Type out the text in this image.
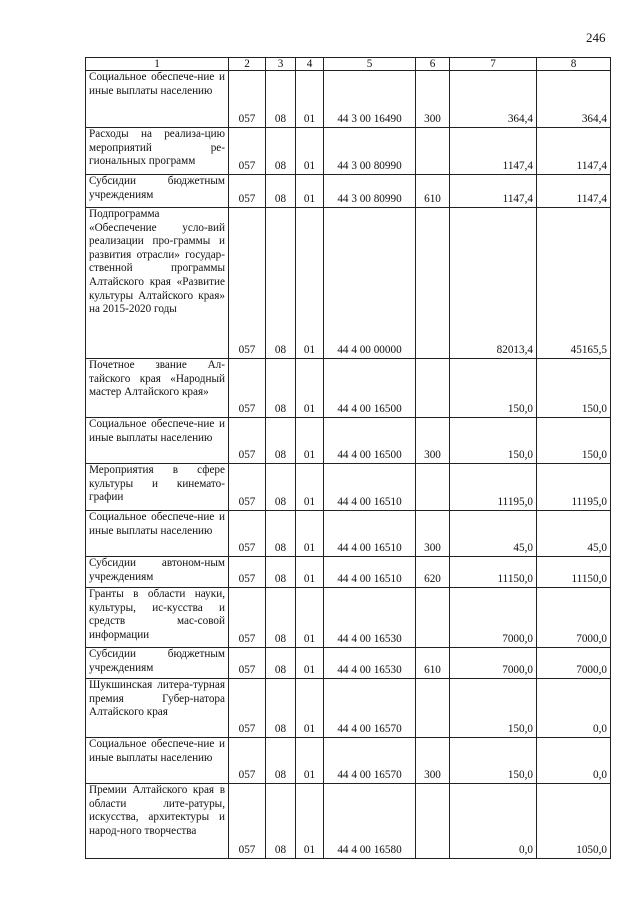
246
1	2	3	4	5	6	7	8
Социальное обеспече-ние и иные выплаты населению	057	08	01	44 3 00 16490	300	364,4	364,4
Расходы на реализа-цию мероприятий ре-гиональных программ	057	08	01	44 3 00 80990		1147,4	1147,4
Субсидии бюджетным учреждениям	057	08	01	44 3 00 80990	610	1147,4	1147,4
Подпрограмма «Обеспечение усло-вий реализации про-граммы и развития отрасли» государ-ственной программы Алтайского края «Развитие культуры Алтайского края» на 2015-2020 годы	057	08	01	44 4 00 00000		82013,4	45165,5
Почетное звание Ал-тайского края «Народный мастер Алтайского края»	057	08	01	44 4 00 16500		150,0	150,0
Социальное обеспече-ние и иные выплаты населению	057	08	01	44 4 00 16500	300	150,0	150,0
Мероприятия в сфере культуры и кинемато-графии	057	08	01	44 4 00 16510		11195,0	11195,0
Социальное обеспече-ние и иные выплаты населению	057	08	01	44 4 00 16510	300	45,0	45,0
Субсидии автоном-ным учреждениям	057	08	01	44 4 00 16510	620	11150,0	11150,0
Гранты в области науки, культуры, ис-кусства и средств мас-совой информации	057	08	01	44 4 00 16530		7000,0	7000,0
Субсидии бюджетным учреждениям	057	08	01	44 4 00 16530	610	7000,0	7000,0
Шукшинская литера-турная премия Губер-натора Алтайского края	057	08	01	44 4 00 16570		150,0	0,0
Социальное обеспече-ние и иные выплаты населению	057	08	01	44 4 00 16570	300	150,0	0,0
Премии Алтайского края в области лите-ратуры, искусства, архитектуры и народ-ного творчества	057	08	01	44 4 00 16580		0,0	1050,0
